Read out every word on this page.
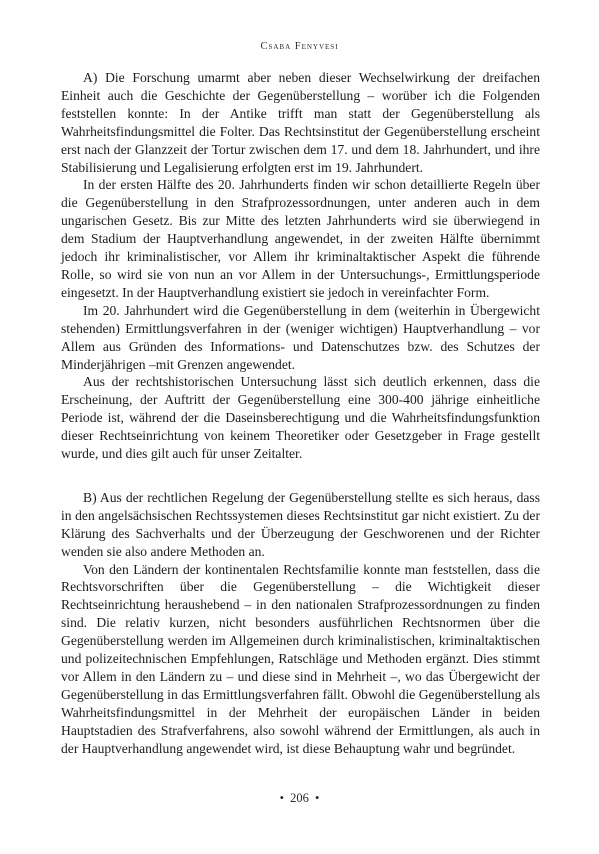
Csaba Fenyvesi

A) Die Forschung umarmt aber neben dieser Wechselwirkung der dreifachen Einheit auch die Geschichte der Gegenüberstellung – worüber ich die Folgenden feststellen konnte: In der Antike trifft man statt der Gegenüberstellung als Wahrheitsfindungsmittel die Folter. Das Rechtsinstitut der Gegenüberstellung erscheint erst nach der Glanzzeit der Tortur zwischen dem 17. und dem 18. Jahrhundert, und ihre Stabilisierung und Legalisierung erfolgten erst im 19. Jahrhundert.

In der ersten Hälfte des 20. Jahrhunderts finden wir schon detaillierte Regeln über die Gegenüberstellung in den Strafprozessordnungen, unter anderen auch in dem ungarischen Gesetz. Bis zur Mitte des letzten Jahrhunderts wird sie überwiegend in dem Stadium der Hauptverhandlung angewendet, in der zweiten Hälfte übernimmt jedoch ihr kriminalistischer, vor Allem ihr kriminaltaktischer Aspekt die führende Rolle, so wird sie von nun an vor Allem in der Untersuchungs-, Ermittlungsperiode eingesetzt. In der Hauptverhandlung existiert sie jedoch in vereinfachter Form.

Im 20. Jahrhundert wird die Gegenüberstellung in dem (weiterhin in Übergewicht stehenden) Ermittlungsverfahren in der (weniger wichtigen) Hauptverhandlung – vor Allem aus Gründen des Informations- und Datenschutzes bzw. des Schutzes der Minderjährigen –mit Grenzen angewendet.

Aus der rechtshistorischen Untersuchung lässt sich deutlich erkennen, dass die Erscheinung, der Auftritt der Gegenüberstellung eine 300-400 jährige einheitliche Periode ist, während der die Daseinsberechtigung und die Wahrheitsfindungsfunktion dieser Rechtseinrichtung von keinem Theoretiker oder Gesetzgeber in Frage gestellt wurde, und dies gilt auch für unser Zeitalter.

B) Aus der rechtlichen Regelung der Gegenüberstellung stellte es sich heraus, dass in den angelsächsischen Rechtssystemen dieses Rechtsinstitut gar nicht existiert. Zu der Klärung des Sachverhalts und der Überzeugung der Geschworenen und der Richter wenden sie also andere Methoden an.

Von den Ländern der kontinentalen Rechtsfamilie konnte man feststellen, dass die Rechtsvorschriften über die Gegenüberstellung – die Wichtigkeit dieser Rechtseinrichtung heraushebend – in den nationalen Strafprozessordnungen zu finden sind. Die relativ kurzen, nicht besonders ausführlichen Rechtsnormen über die Gegenüberstellung werden im Allgemeinen durch kriminalistischen, kriminaltaktischen und polizeitechnischen Empfehlungen, Ratschläge und Methoden ergänzt. Dies stimmt vor Allem in den Ländern zu – und diese sind in Mehrheit –, wo das Übergewicht der Gegenüberstellung in das Ermittlungsverfahren fällt. Obwohl die Gegenüberstellung als Wahrheitsfindungsmittel in der Mehrheit der europäischen Länder in beiden Hauptstadien des Strafverfahrens, also sowohl während der Ermittlungen, als auch in der Hauptverhandlung angewendet wird, ist diese Behauptung wahr und begründet.

• 206 •
